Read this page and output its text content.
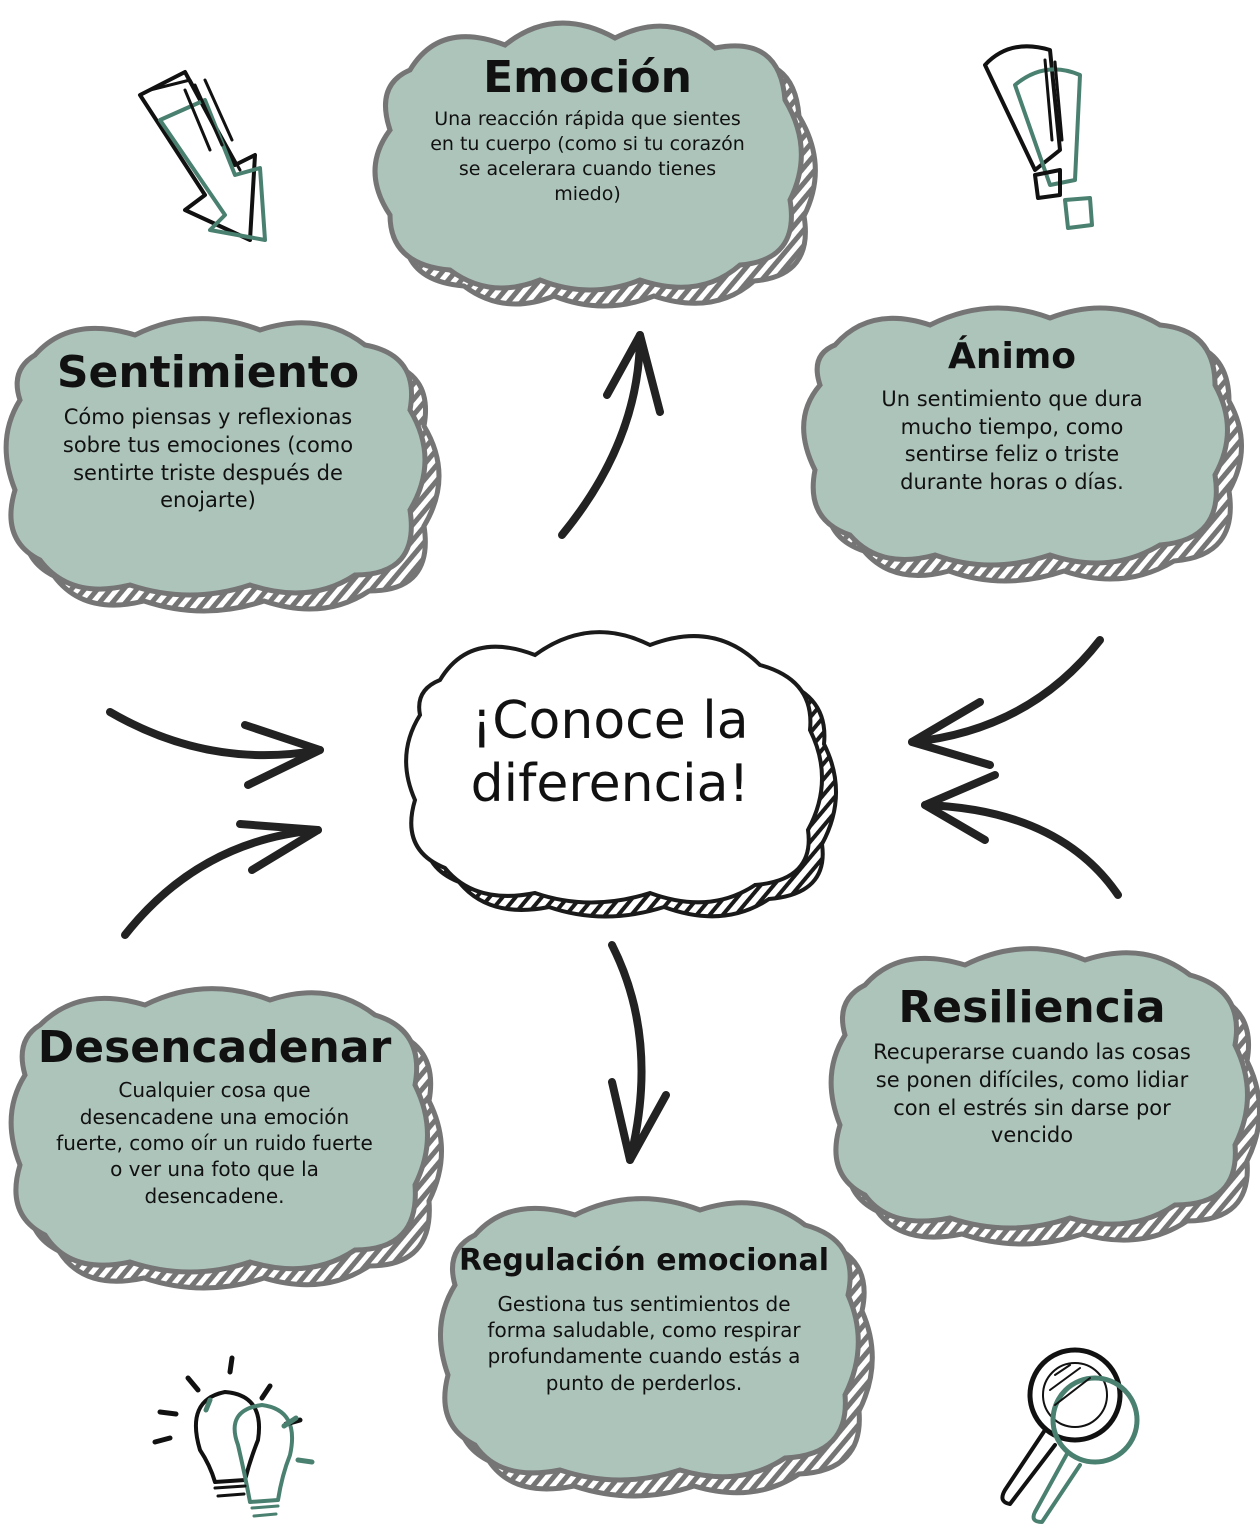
¡Conoce la diferencia!
Emoción
Una reacción rápida que sientes en tu cuerpo (como si tu corazón se acelerara cuando tienes miedo)
Ánimo
Un sentimiento que dura mucho tiempo, como sentirse feliz o triste durante horas o días.
Sentimiento
Cómo piensas y reflexionas sobre tus emociones (como sentirte triste después de enojarte)
Desencadenar
Cualquier cosa que desencadene una emoción fuerte, como oír un ruido fuerte o ver una foto que la desencadene.
Resiliencia
Recuperarse cuando las cosas se ponen difíciles, como lidiar con el estrés sin darse por vencido
Regulación emocional
Gestiona tus sentimientos de forma saludable, como respirar profundamente cuando estás a punto de perderlos.
